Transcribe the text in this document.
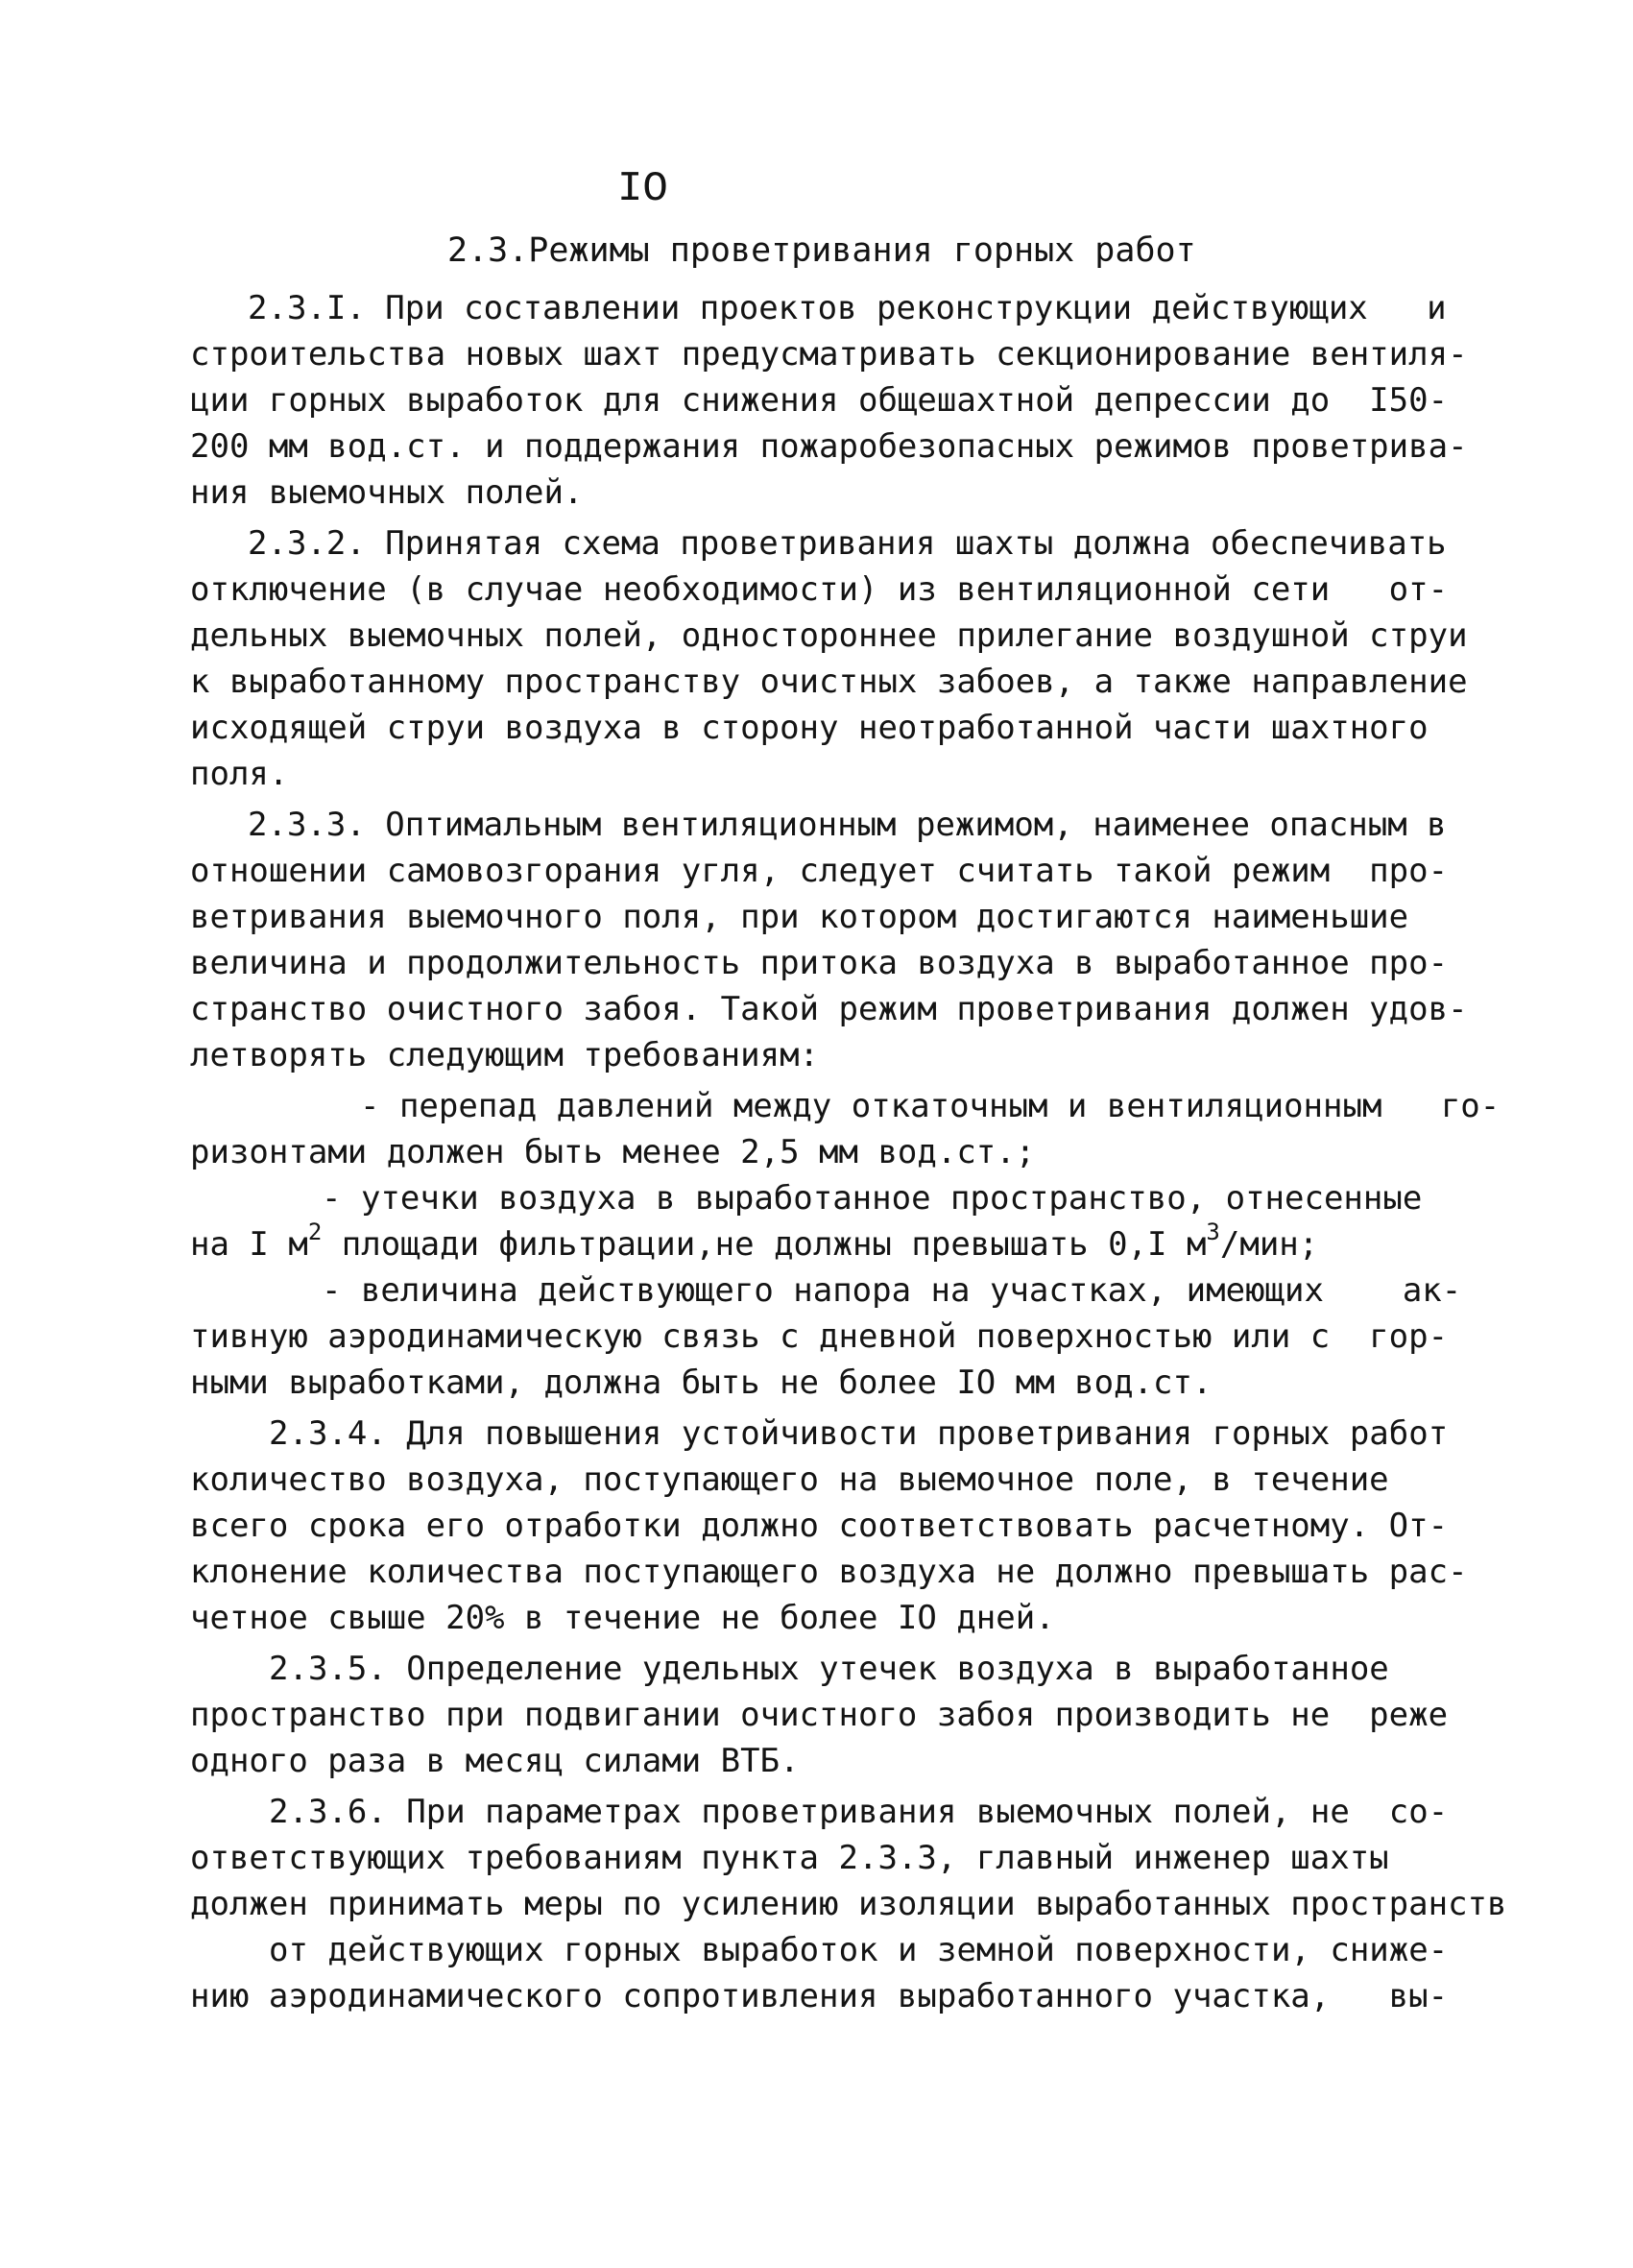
IO
2.3.Режимы проветривания горных работ
2.3.I. При составлении проектов реконструкции действующих   и
строительства новых шахт предусматривать секционирование вентиля-
ции горных выработок для снижения общешахтной депрессии до  I50-
200 мм вод.ст. и поддержания пожаробезопасных режимов проветрива-
ния выемочных полей.
2.3.2. Принятая схема проветривания шахты должна обеспечивать
отключение (в случае необходимости) из вентиляционной сети   от-
дельных выемочных полей, одностороннее прилегание воздушной струи
к выработанному пространству очистных забоев, а также направление
исходящей струи воздуха в сторону неотработанной части шахтного
поля.
2.3.3. Оптимальным вентиляционным режимом, наименее опасным в
отношении самовозгорания угля, следует считать такой режим  про-
ветривания выемочного поля, при котором достигаются наименьшие
величина и продолжительность притока воздуха в выработанное про-
странство очистного забоя. Такой режим проветривания должен удов-
летворять следующим требованиям:
- перепад давлений между откаточным и вентиляционным   го-
ризонтами должен быть менее 2,5 мм вод.ст.;
- утечки воздуха в выработанное пространство, отнесенные
на I $м^2$ площади фильтрации,не должны превышать 0,I $м^3$/мин;
- величина действующего напора на участках, имеющих    ак-
тивную аэродинамическую связь с дневной поверхностью или с  гор-
ными выработками, должна быть не более IO мм вод.ст.
2.3.4. Для повышения устойчивости проветривания горных работ
количество воздуха, поступающего на выемочное поле, в течение
всего срока его отработки должно соответствовать расчетному. От-
клонение количества поступающего воздуха не должно превышать рас-
четное свыше 20% в течение не более IO дней.
2.3.5. Определение удельных утечек воздуха в выработанное
пространство при подвигании очистного забоя производить не  реже
одного раза в месяц силами ВТБ.
2.3.6. При параметрах проветривания выемочных полей, не  со-
ответствующих требованиям пункта 2.3.3, главный инженер шахты
должен принимать меры по усилению изоляции выработанных пространств
от действующих горных выработок и земной поверхности, сниже-
нию аэродинамического сопротивления выработанного участка,   вы-
